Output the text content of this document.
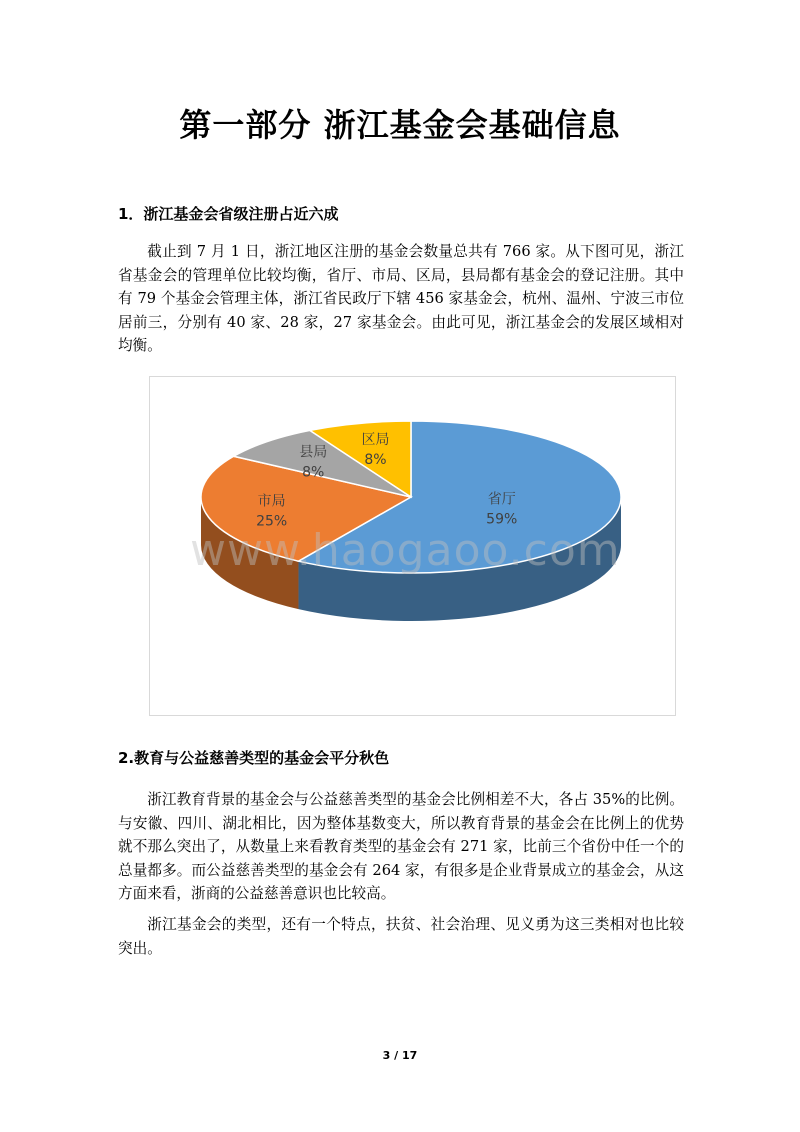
第一部分 浙江基金会基础信息
1．浙江基金会省级注册占近六成
截止到 7 月 1 日，浙江地区注册的基金会数量总共有 766 家。从下图可见，浙江省基金会的管理单位比较均衡，省厅、市局、区局，县局都有基金会的登记注册。其中有 79 个基金会管理主体，浙江省民政厅下辖 456 家基金会，杭州、温州、宁波三市位居前三，分别有 40 家、28 家，27 家基金会。由此可见，浙江基金会的发展区域相对均衡。
省厅
59%
市局
25%
县局
8%
区局
8%
www.haogaoo.com
2.教育与公益慈善类型的基金会平分秋色
浙江教育背景的基金会与公益慈善类型的基金会比例相差不大，各占 35%的比例。与安徽、四川、湖北相比，因为整体基数变大，所以教育背景的基金会在比例上的优势就不那么突出了，从数量上来看教育类型的基金会有 271 家，比前三个省份中任一个的总量都多。而公益慈善类型的基金会有 264 家，有很多是企业背景成立的基金会，从这方面来看，浙商的公益慈善意识也比较高。
浙江基金会的类型，还有一个特点，扶贫、社会治理、见义勇为这三类相对也比较突出。
3 / 17
